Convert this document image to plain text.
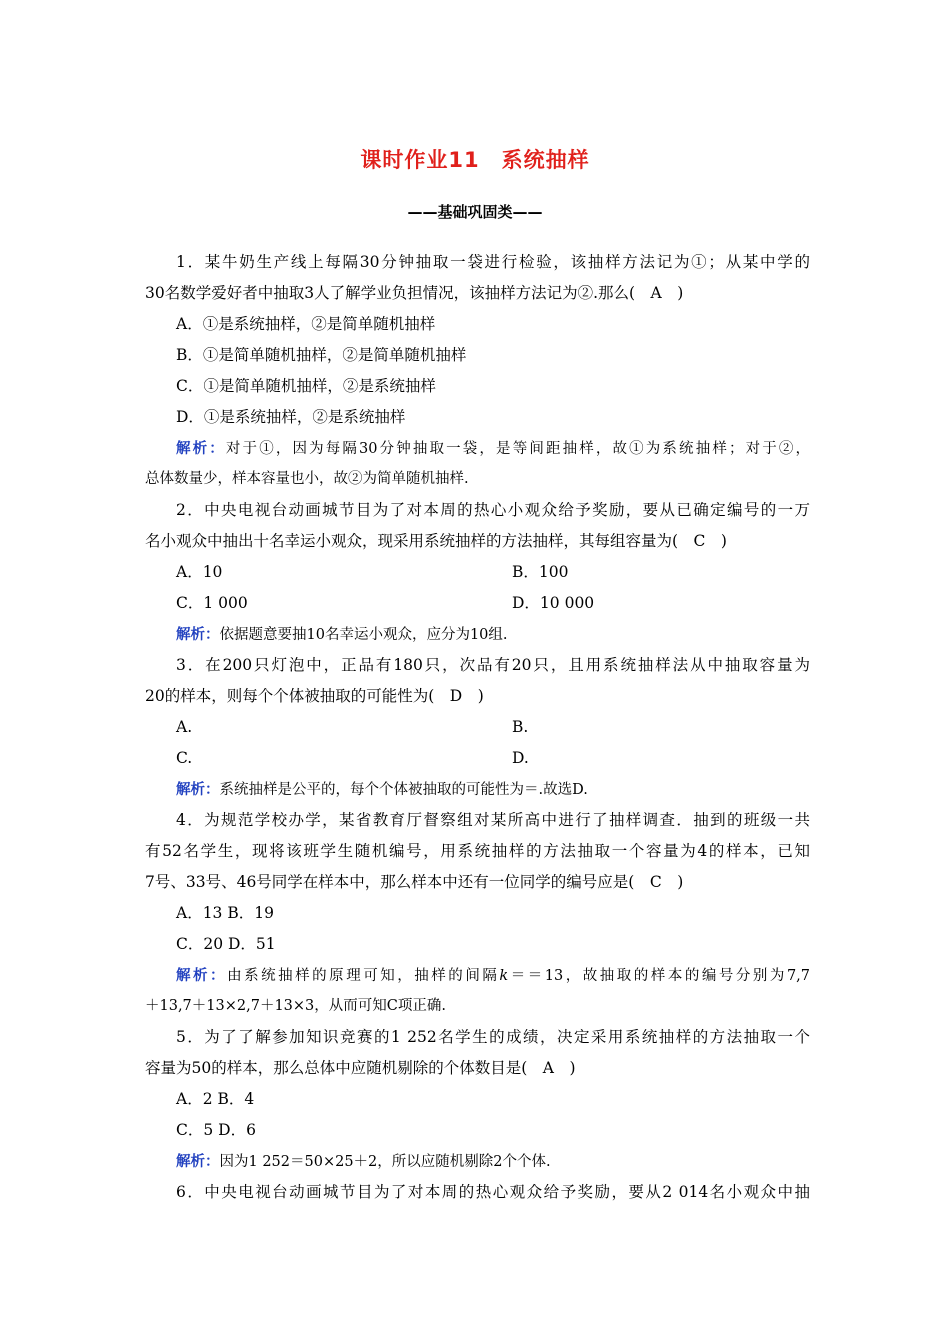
课时作业11　系统抽样
——基础巩固类——
1．某牛奶生产线上每隔30分钟抽取一袋进行检验，该抽样方法记为①；从某中学的
30名数学爱好者中抽取3人了解学业负担情况，该抽样方法记为②.那么(　A　)
A．①是系统抽样，②是简单随机抽样
B．①是简单随机抽样，②是简单随机抽样
C．①是简单随机抽样，②是系统抽样
D．①是系统抽样，②是系统抽样
解析：对于①，因为每隔30分钟抽取一袋，是等间距抽样，故①为系统抽样；对于②，
总体数量少，样本容量也小，故②为简单随机抽样.
2．中央电视台动画城节目为了对本周的热心小观众给予奖励，要从已确定编号的一万
名小观众中抽出十名幸运小观众，现采用系统抽样的方法抽样，其每组容量为(　C　)
A．10	B．100
C．1 000	D．10 000
解析：依据题意要抽10名幸运小观众，应分为10组.
3．在200只灯泡中，正品有180只，次品有20只，且用系统抽样法从中抽取容量为
20的样本，则每个个体被抽取的可能性为(　D　)
A.	B.
C.	D.
解析：系统抽样是公平的，每个个体被抽取的可能性为＝.故选D.
4．为规范学校办学，某省教育厅督察组对某所高中进行了抽样调查．抽到的班级一共
有52名学生，现将该班学生随机编号，用系统抽样的方法抽取一个容量为4的样本，已知
7号、33号、46号同学在样本中，那么样本中还有一位同学的编号应是(　C　)
A．13 B．19
C．20 D．51
解析：由系统抽样的原理可知，抽样的间隔k＝＝13，故抽取的样本的编号分别为7,7
＋13,7＋13×2,7＋13×3，从而可知C项正确.
5．为了了解参加知识竞赛的1 252名学生的成绩，决定采用系统抽样的方法抽取一个
容量为50的样本，那么总体中应随机剔除的个体数目是(　A　)
A．2 B．4
C．5 D．6
解析：因为1 252＝50×25＋2，所以应随机剔除2个个体.
6．中央电视台动画城节目为了对本周的热心观众给予奖励，要从2 014名小观众中抽
